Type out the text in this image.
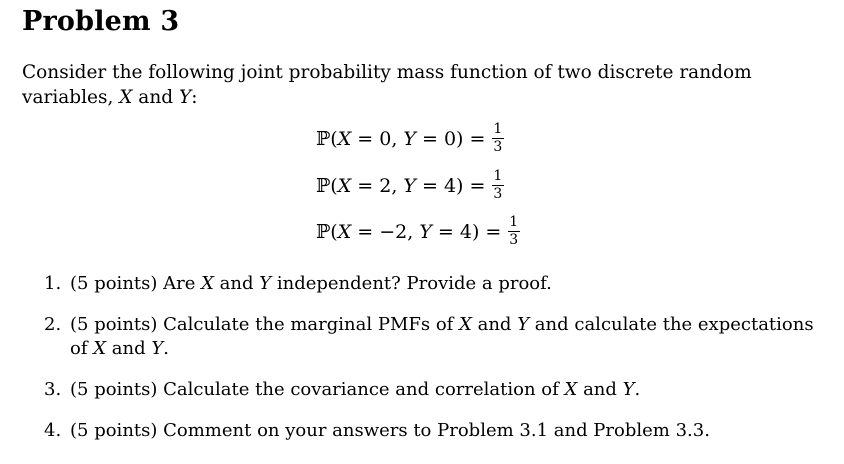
Problem 3
Consider the following joint probability mass function of two discrete random variables, X and Y:
ℙ(X = 0, $Y = 0) = \frac{1}{3}$
ℙ(X = 2, $Y = 4) = \frac{1}{3}$
ℙ(X = −2, $Y = 4) = \frac{1}{3}$
1. (5 points) Are X and Y independent? Provide a proof.
2. (5 points) Calculate the marginal PMFs of X and Y and calculate the expectations of X and Y.
3. (5 points) Calculate the covariance and correlation of X and Y.
4. (5 points) Comment on your answers to Problem 3.1 and Problem 3.3.
